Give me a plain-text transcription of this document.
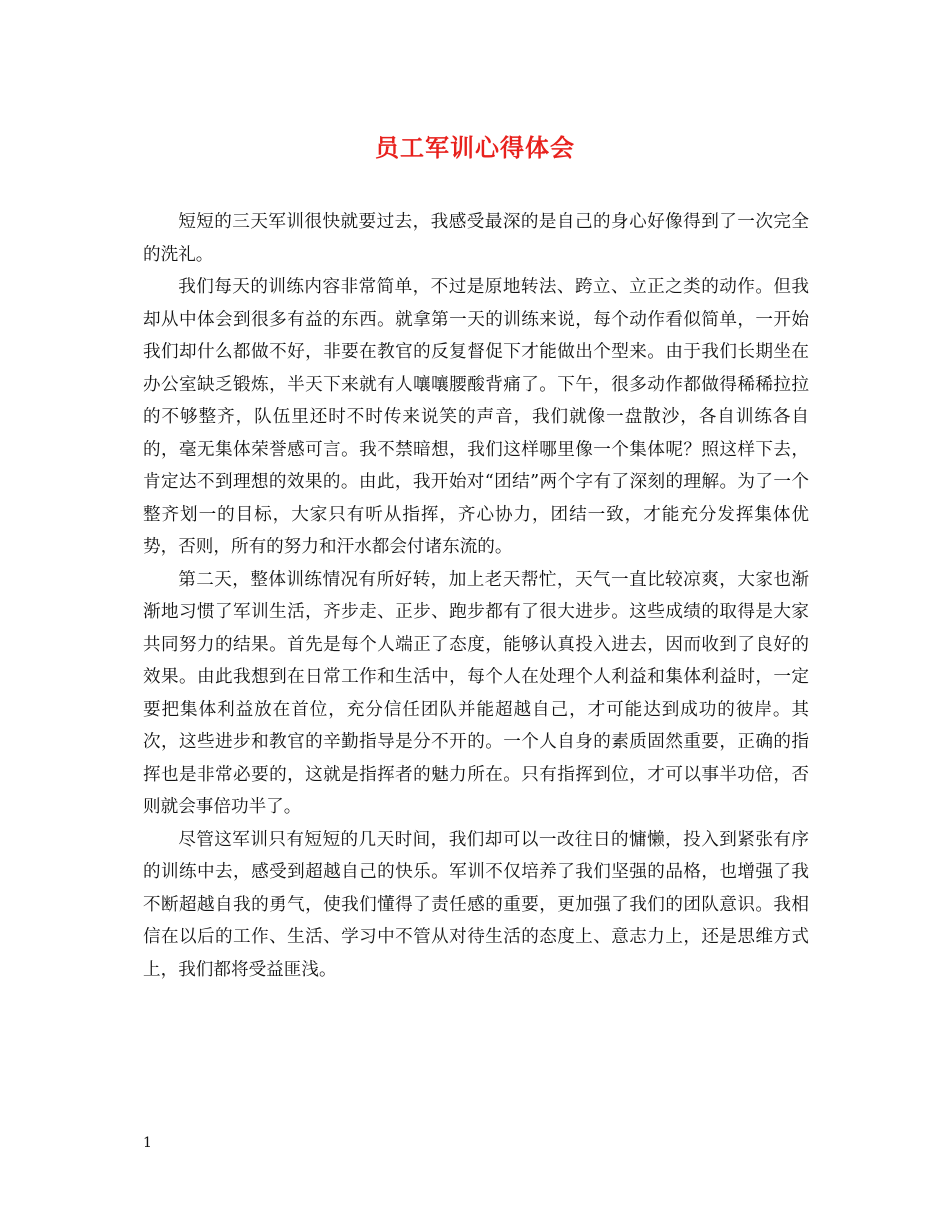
员工军训心得体会

短短的三天军训很快就要过去，我感受最深的是自己的身心好像得到了一次完全的洗礼。

我们每天的训练内容非常简单，不过是原地转法、跨立、立正之类的动作。但我却从中体会到很多有益的东西。就拿第一天的训练来说，每个动作看似简单，一开始我们却什么都做不好，非要在教官的反复督促下才能做出个型来。由于我们长期坐在办公室缺乏锻炼，半天下来就有人嚷嚷腰酸背痛了。下午，很多动作都做得稀稀拉拉的不够整齐，队伍里还时不时传来说笑的声音，我们就像一盘散沙，各自训练各自的，毫无集体荣誉感可言。我不禁暗想，我们这样哪里像一个集体呢？照这样下去，肯定达不到理想的效果的。由此，我开始对“团结”两个字有了深刻的理解。为了一个整齐划一的目标，大家只有听从指挥，齐心协力，团结一致，才能充分发挥集体优势，否则，所有的努力和汗水都会付诸东流的。

第二天，整体训练情况有所好转，加上老天帮忙，天气一直比较凉爽，大家也渐渐地习惯了军训生活，齐步走、正步、跑步都有了很大进步。这些成绩的取得是大家共同努力的结果。首先是每个人端正了态度，能够认真投入进去，因而收到了良好的效果。由此我想到在日常工作和生活中，每个人在处理个人利益和集体利益时，一定要把集体利益放在首位，充分信任团队并能超越自己，才可能达到成功的彼岸。其次，这些进步和教官的辛勤指导是分不开的。一个人自身的素质固然重要，正确的指挥也是非常必要的，这就是指挥者的魅力所在。只有指挥到位，才可以事半功倍，否则就会事倍功半了。

尽管这军训只有短短的几天时间，我们却可以一改往日的慵懒，投入到紧张有序的训练中去，感受到超越自己的快乐。军训不仅培养了我们坚强的品格，也增强了我不断超越自我的勇气，使我们懂得了责任感的重要，更加强了我们的团队意识。我相信在以后的工作、生活、学习中不管从对待生活的态度上、意志力上，还是思维方式上，我们都将受益匪浅。

1
